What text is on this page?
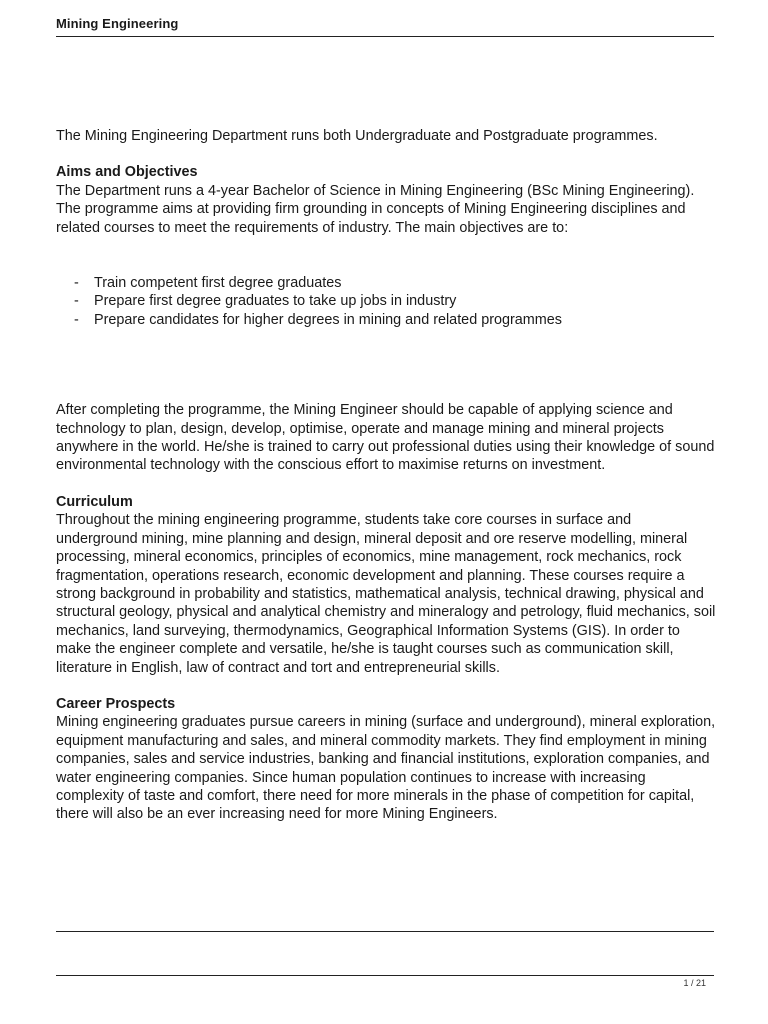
Mining Engineering

The Mining Engineering Department runs both Undergraduate and Postgraduate programmes.

Aims and Objectives

The Department runs a 4-year Bachelor of Science in Mining Engineering (BSc Mining Engineering). The programme aims at providing firm grounding in concepts of Mining Engineering disciplines and related courses to meet the requirements of industry. The main objectives are to:

- Train competent first degree graduates
- Prepare first degree graduates to take up jobs in industry
- Prepare candidates for higher degrees in mining and related programmes

After completing the programme, the Mining Engineer should be capable of applying science and technology to plan, design, develop, optimise, operate and manage mining and mineral projects anywhere in the world. He/she is trained to carry out professional duties using their knowledge of sound environmental technology with the conscious effort to maximise returns on investment.

Curriculum

Throughout the mining engineering programme, students take core courses in surface and underground mining, mine planning and design, mineral deposit and ore reserve modelling, mineral processing, mineral economics, principles of economics, mine management, rock mechanics, rock fragmentation, operations research, economic development and planning. These courses require a strong background in probability and statistics, mathematical analysis, technical drawing, physical and structural geology, physical and analytical chemistry and mineralogy and petrology, fluid mechanics, soil mechanics, land surveying, thermodynamics, Geographical Information Systems (GIS). In order to make the engineer complete and versatile, he/she is taught courses such as communication skill, literature in English, law of contract and tort and entrepreneurial skills.

Career Prospects

Mining engineering graduates pursue careers in mining (surface and underground), mineral exploration, equipment manufacturing and sales, and mineral commodity markets. They find employment in mining companies, sales and service industries, banking and financial institutions, exploration companies, and water engineering companies. Since human population continues to increase with increasing complexity of taste and comfort, there need for more minerals in the phase of competition for capital, there will also be an ever increasing need for more Mining Engineers.

1 / 21
